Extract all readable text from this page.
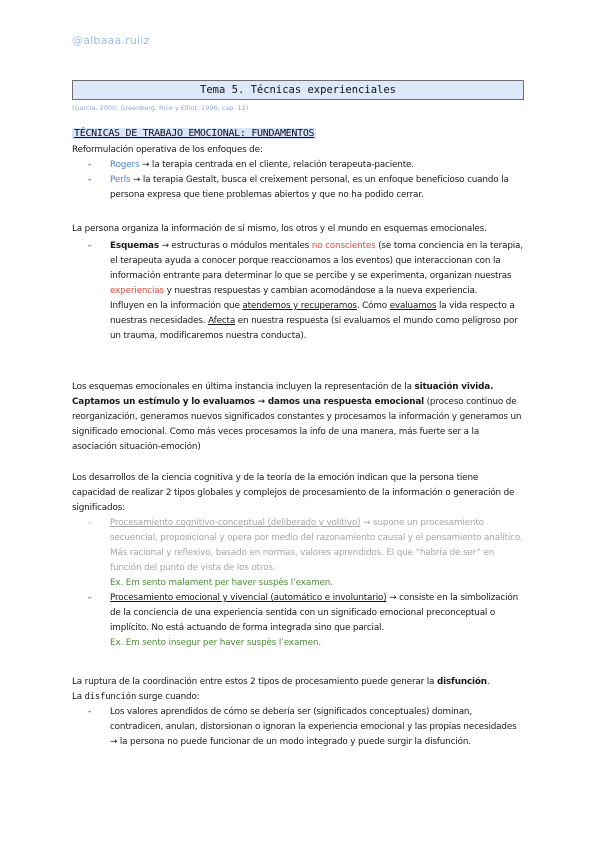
@albaaa.ruiiz
Tema 5. Técnicas experienciales
(García, 2000; Greenberg, Rice y Elliot, 1996, cap. 12)
TÉCNICAS DE TRABAJO EMOCIONAL: FUNDAMENTOS
Reformulación operativa de los enfoques de:
- Rogers → la terapia centrada en el cliente, relación terapeuta-paciente.
- Perls → la terapia Gestalt, busca el creixement personal, es un enfoque beneficioso cuando la persona expresa que tiene problemas abiertos y que no ha podido cerrar.
La persona organiza la información de sí mismo, los otros y el mundo en esquemas emocionales.
- Esquemas → estructuras o módulos mentales no conscientes (se toma conciencia en la terapia, el terapeuta ayuda a conocer porque reaccionamos a los eventos) que interaccionan con la información entrante para determinar lo que se percibe y se experimenta, organizan nuestras experiencias y nuestras respuestas y cambian acomodándose a la nueva experiencia.
Influyen en la información que atendemos y recuperamos. Cómo evaluamos la vida respecto a nuestras necesidades. Afecta en nuestra respuesta (si evaluamos el mundo como peligroso por un trauma, modificaremos nuestra conducta).
Los esquemas emocionales en última instancia incluyen la representación de la situación vivida. Captamos un estímulo y lo evaluamos → damos una respuesta emocional (proceso continuo de reorganización, generamos nuevos significados constantes y procesamos la información y generamos un significado emocional. Como más veces procesamos la info de una manera, más fuerte ser a la asociación situación-emoción)
Los desarrollos de la ciencia cognitiva y de la teoría de la emoción indican que la persona tiene capacidad de realizar 2 tipos globales y complejos de procesamiento de la información o generación de significados:
- Procesamiento cognitivo-conceptual (deliberado y volitivo) → supone un procesamiento secuencial, proposicional y opera por medio del razonamiento causal y el pensamiento analítico. Más racional y reflexivo, basado en normas, valores aprendidos. El que “habría de ser” en función del punto de vista de los otros.
Ex. Em sento malament per haver suspès l’examen.
- Procesamiento emocional y vivencial (automático e involuntario) → consiste en la simbolización de la conciencia de una experiencia sentida con un significado emocional preconceptual o implícito. No está actuando de forma integrada sino que parcial.
Ex. Em sento insegur per haver suspès l’examen.
La ruptura de la coordinación entre estos 2 tipos de procesamiento puede generar la disfunción.
La disfunción surge cuando:
- Los valores aprendidos de cómo se debería ser (significados conceptuales) dominan, contradicen, anulan, distorsionan o ignoran la experiencia emocional y las propias necesidades → la persona no puede funcionar de un modo integrado y puede surgir la disfunción.
